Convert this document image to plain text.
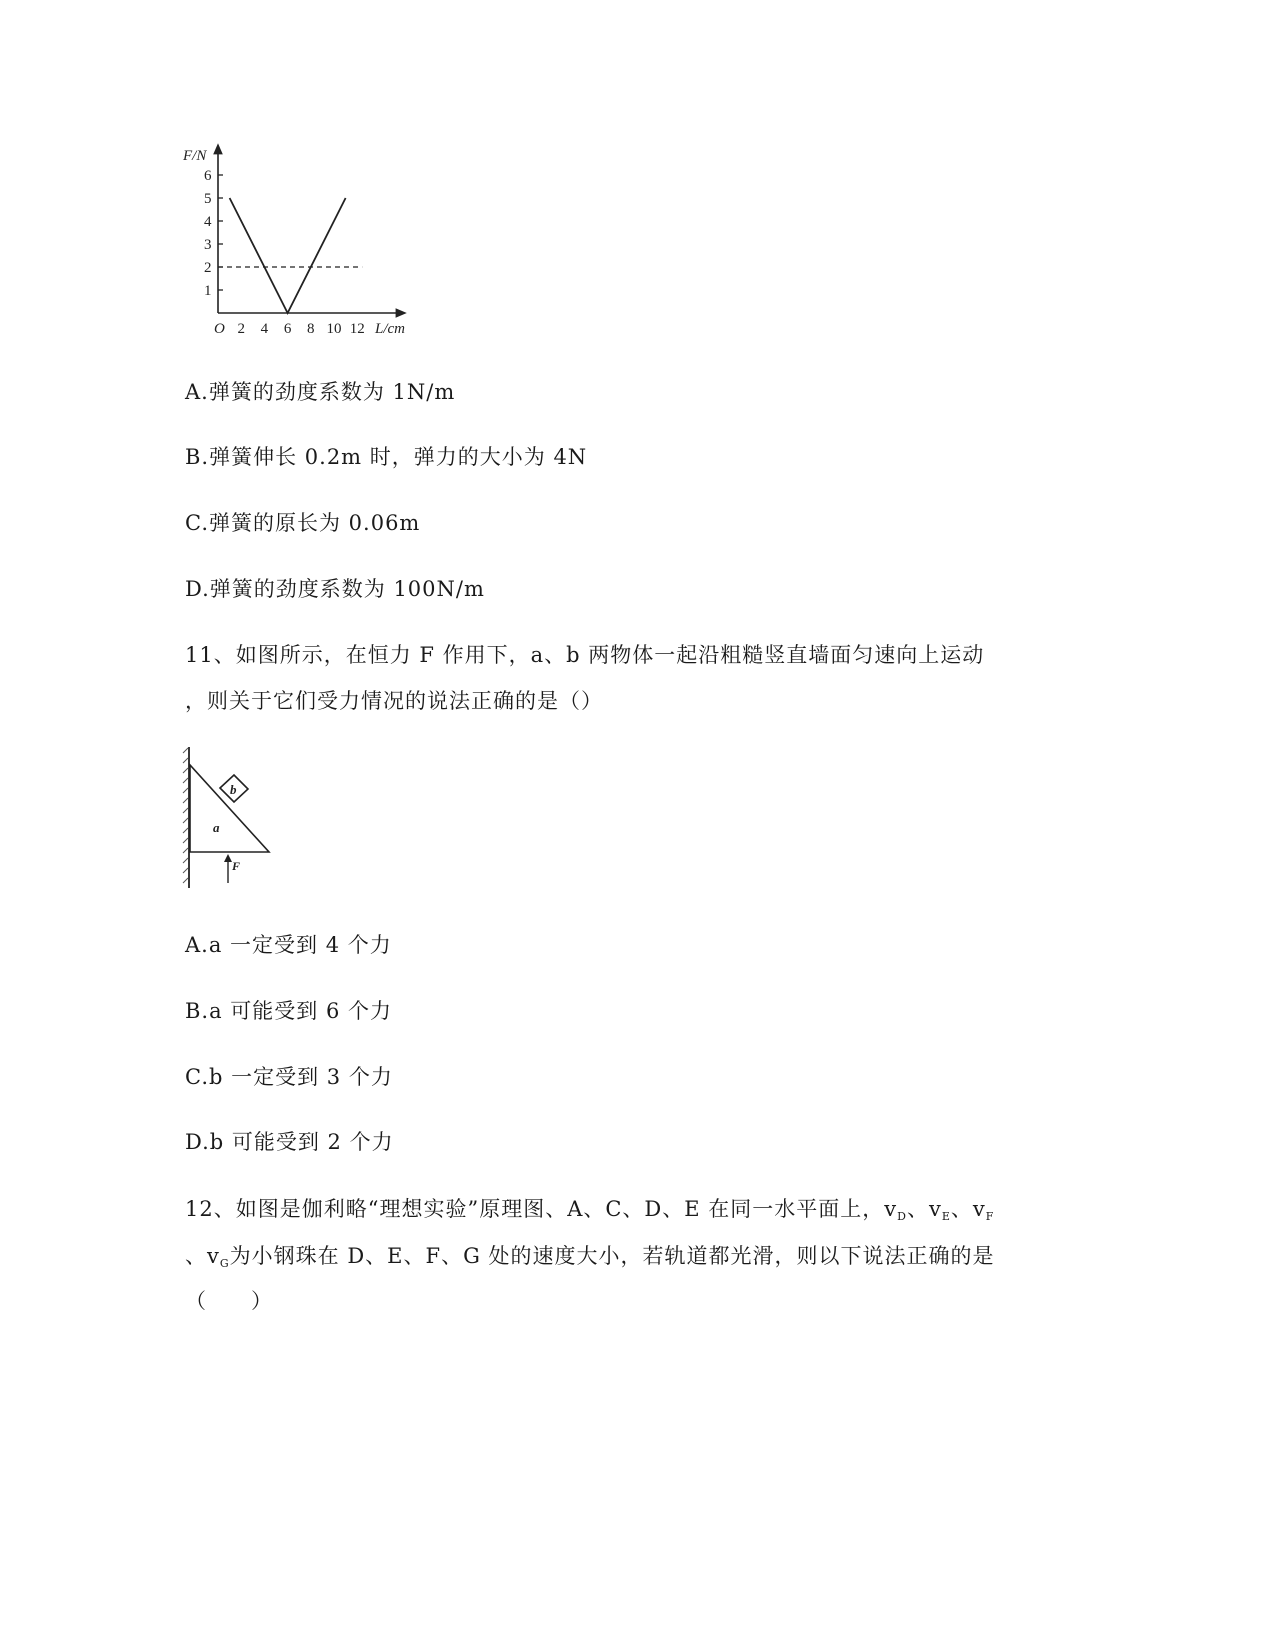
F/N
L/cm
O
1
2
3
4
5
6
2 4 6 8 10 12
A.弹簧的劲度系数为 1N/m
B.弹簧伸长 0.2m 时，弹力的大小为 4N
C.弹簧的原长为 0.06m
D.弹簧的劲度系数为 100N/m
11、如图所示，在恒力 F 作用下，a、b 两物体一起沿粗糙竖直墙面匀速向上运动
，则关于它们受力情况的说法正确的是（）
b
a
F
A.a 一定受到 4 个力
B.a 可能受到 6 个力
C.b 一定受到 3 个力
D.b 可能受到 2 个力
12、如图是伽利略“理想实验”原理图、A、C、D、E 在同一水平面上，vD、vE、vF
、vG为小钢珠在 D、E、F、G 处的速度大小，若轨道都光滑，则以下说法正确的是
（　　）
